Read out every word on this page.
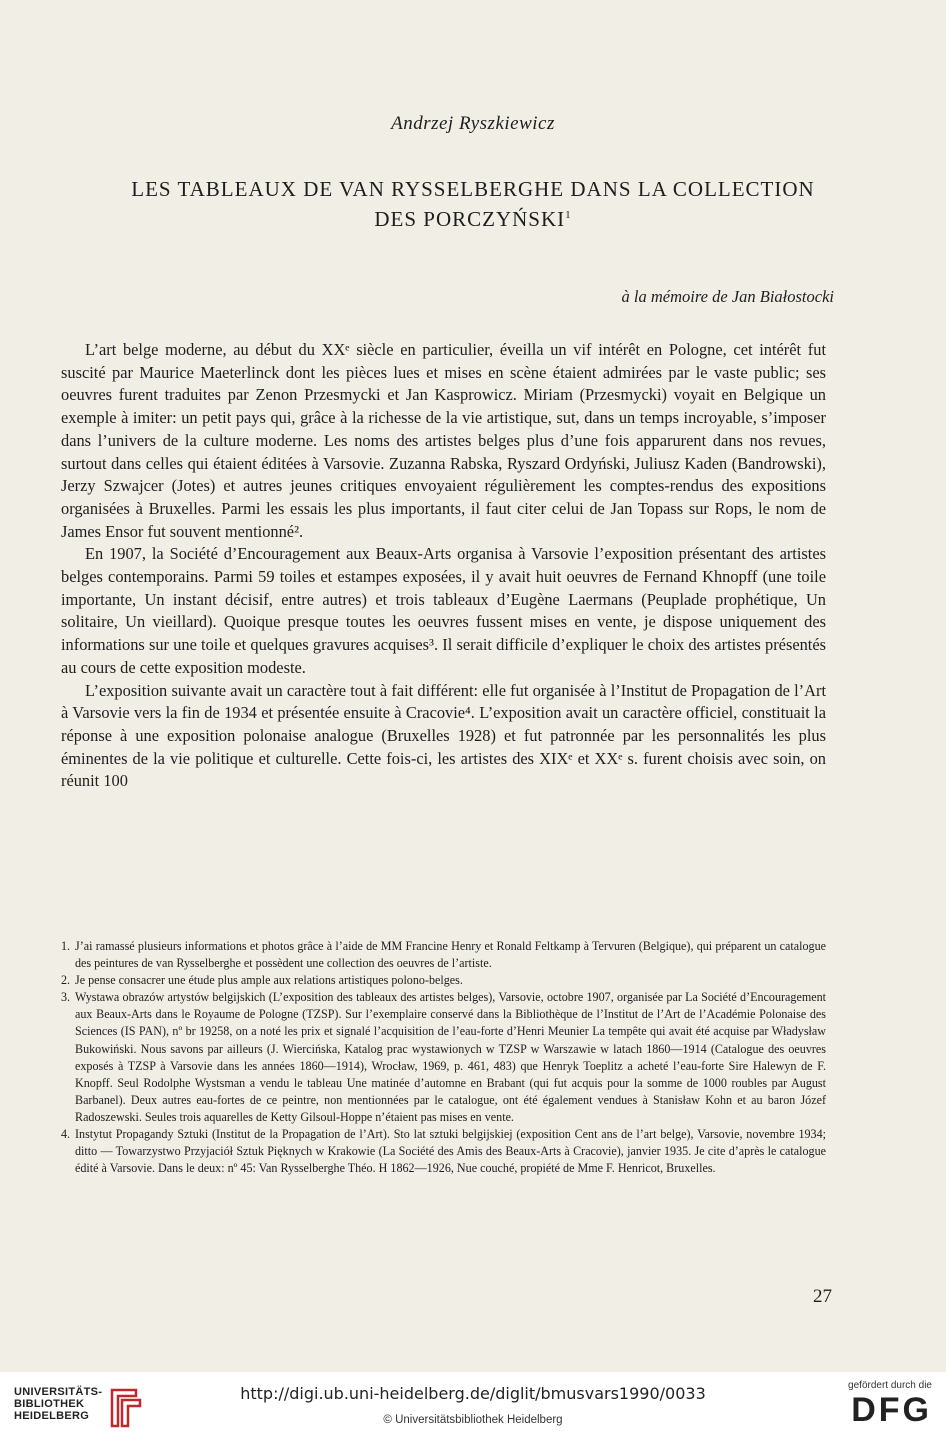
Andrzej Ryszkiewicz
LES TABLEAUX DE VAN RYSSELBERGHE DANS LA COLLECTION
DES PORCZYŃSKI$^1$
à la mémoire de Jan Białostocki

L’art belge moderne, au début du XXᵉ siècle en particulier, éveilla un vif intérêt en Pologne, cet intérêt fut suscité par Maurice Maeterlinck dont les pièces lues et mises en scène étaient admirées par le vaste public; ses oeuvres furent traduites par Zenon Przesmycki et Jan Kasprowicz. Miriam (Przesmycki) voyait en Belgique un exemple à imiter: un petit pays qui, grâce à la richesse de la vie artistique, sut, dans un temps incroyable, s’imposer dans l’univers de la culture moderne. Les noms des artistes belges plus d’une fois apparurent dans nos revues, surtout dans celles qui étaient éditées à Varsovie. Zuzanna Rabska, Ryszard Ordyński, Juliusz Kaden (Bandrowski), Jerzy Szwajcer (Jotes) et autres jeunes critiques envoyaient régulièrement les comptes-rendus des expositions organisées à Bruxelles. Parmi les essais les plus importants, il faut citer celui de Jan Topass sur Rops, le nom de James Ensor fut souvent mentionné².

En 1907, la Société d’Encouragement aux Beaux-Arts organisa à Varsovie l’exposition présentant des artistes belges contemporains. Parmi 59 toiles et estampes exposées, il y avait huit oeuvres de Fernand Khnopff (une toile importante, Un instant décisif, entre autres) et trois tableaux d’Eugène Laermans (Peuplade prophétique, Un solitaire, Un vieillard). Quoique presque toutes les oeuvres fussent mises en vente, je dispose uniquement des informations sur une toile et quelques gravures acquises³. Il serait difficile d’expliquer le choix des artistes présentés au cours de cette exposition modeste.

L’exposition suivante avait un caractère tout à fait différent: elle fut organisée à l’Institut de Propagation de l’Art à Varsovie vers la fin de 1934 et présentée ensuite à Cracovie⁴. L’exposition avait un caractère officiel, constituait la réponse à une exposition polonaise analogue (Bruxelles 1928) et fut patronnée par les personnalités les plus éminentes de la vie politique et culturelle. Cette fois-ci, les artistes des XIXᵉ et XXᵉ s. furent choisis avec soin, on réunit 100

1. J’ai ramassé plusieurs informations et photos grâce à l’aide de MM Francine Henry et Ronald Feltkamp à Tervuren (Belgique), qui préparent un catalogue des peintures de van Rysselberghe et possèdent une collection des oeuvres de l’artiste.
2. Je pense consacrer une étude plus ample aux relations artistiques polono-belges.
3. Wystawa obrazów artystów belgijskich (L’exposition des tableaux des artistes belges), Varsovie, octobre 1907, organisée par La Société d’Encouragement aux Beaux-Arts dans le Royaume de Pologne (TZSP). Sur l’exemplaire conservé dans la Bibliothèque de l’Institut de l’Art de l’Académie Polonaise des Sciences (IS PAN), nº br 19258, on a noté les prix et signalé l’acquisition de l’eau-forte d’Henri Meunier La tempête qui avait été acquise par Władysław Bukowiński. Nous savons par ailleurs (J. Wiercińska, Katalog prac wystawionych w TZSP w Warszawie w latach 1860—1914 (Catalogue des oeuvres exposés à TZSP à Varsovie dans les années 1860—1914), Wrocław, 1969, p. 461, 483) que Henryk Toeplitz a acheté l’eau-forte Sire Halewyn de F. Knopff. Seul Rodolphe Wystsman a vendu le tableau Une matinée d’automne en Brabant (qui fut acquis pour la somme de 1000 roubles par August Barbanel). Deux autres eau-fortes de ce peintre, non mentionnées par le catalogue, ont été également vendues à Stanisław Kohn et au baron Józef Radoszewski. Seules trois aquarelles de Ketty Gilsoul-Hoppe n’étaient pas mises en vente.
4. Instytut Propagandy Sztuki (Institut de la Propagation de l’Art). Sto lat sztuki belgijskiej (exposition Cent ans de l’art belge), Varsovie, novembre 1934; ditto — Towarzystwo Przyjaciół Sztuk Pięknych w Krakowie (La Société des Amis des Beaux-Arts à Cracovie), janvier 1935. Je cite d’après le catalogue édité à Varsovie. Dans le deux: nº 45: Van Rysselberghe Théo. H 1862—1926, Nue couché, propiété de Mme F. Henricot, Bruxelles.
27
UNIVERSITÄTS-
BIBLIOTHEK
HEIDELBERG
http://digi.ub.uni-heidelberg.de/diglit/bmusvars1990/0033
© Universitätsbibliothek Heidelberg
gefördert durch die
DFG
